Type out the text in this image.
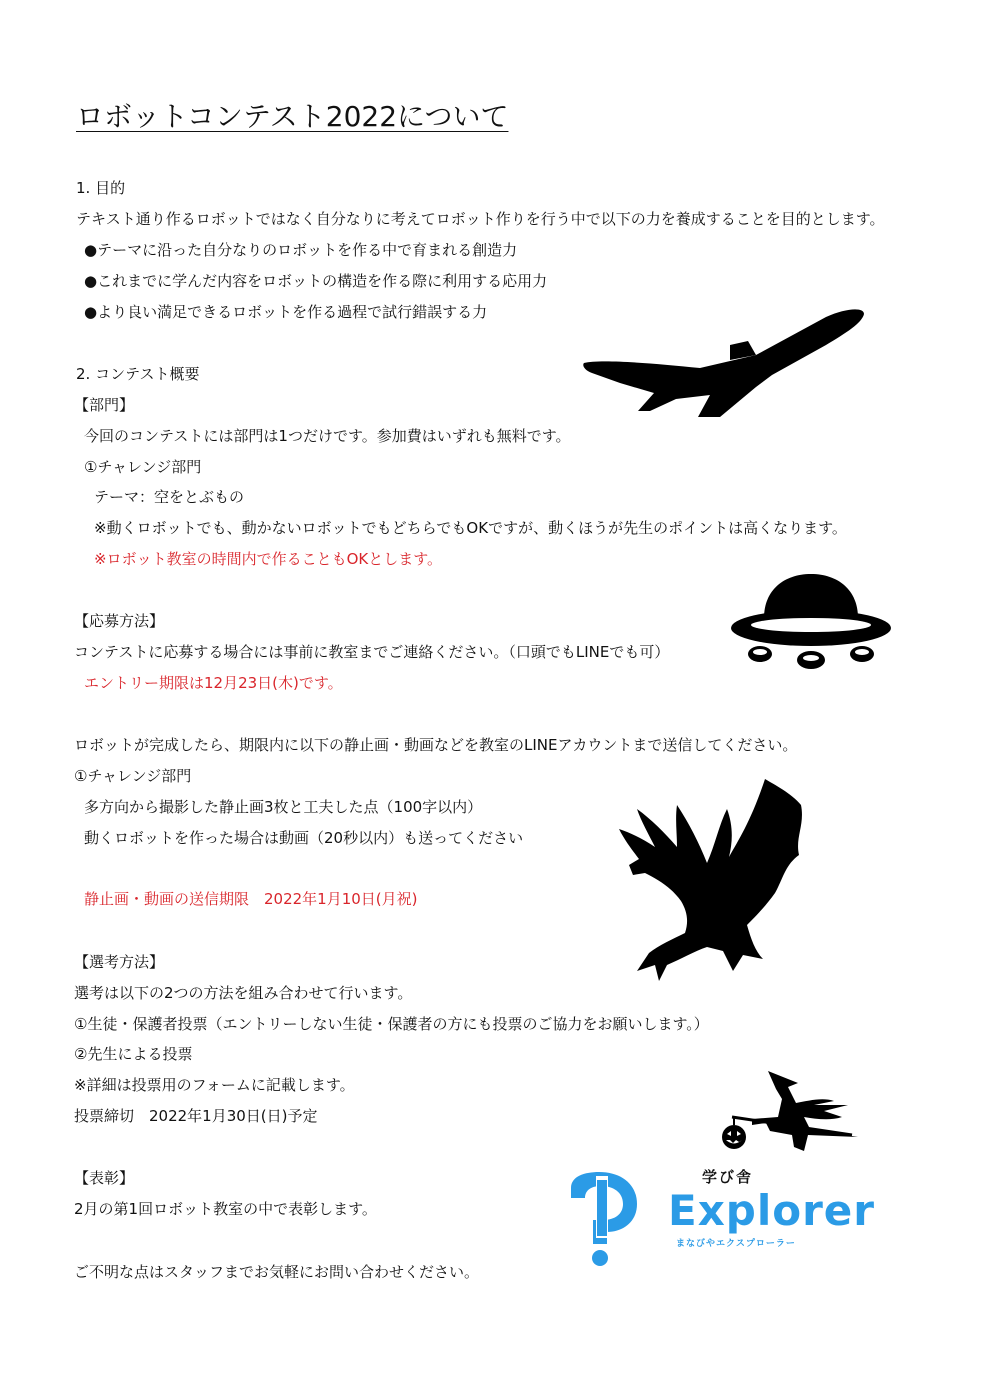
ロボットコンテスト2022について

1. 目的

テキスト通り作るロボットではなく自分なりに考えてロボット作りを行う中で以下の力を養成することを目的とします。

●テーマに沿った自分なりのロボットを作る中で育まれる創造力

●これまでに学んだ内容をロボットの構造を作る際に利用する応用力

●より良い満足できるロボットを作る過程で試行錯誤する力

2. コンテスト概要

【部門】

今回のコンテストには部門は1つだけです。参加費はいずれも無料です。

①チャレンジ部門

テーマ：空をとぶもの

※動くロボットでも、動かないロボットでもどちらでもOKですが、動くほうが先生のポイントは高くなります。

※ロボット教室の時間内で作ることもOKとします。

【応募方法】

コンテストに応募する場合には事前に教室までご連絡ください。（口頭でもLINEでも可）

エントリー期限は12月23日(木)です。

ロボットが完成したら、期限内に以下の静止画・動画などを教室のLINEアカウントまで送信してください。

①チャレンジ部門

多方向から撮影した静止画3枚と工夫した点（100字以内）

動くロボットを作った場合は動画（20秒以内）も送ってください

静止画・動画の送信期限　2022年1月10日(月祝)

【選考方法】

選考は以下の2つの方法を組み合わせて行います。

①生徒・保護者投票（エントリーしない生徒・保護者の方にも投票のご協力をお願いします。）

②先生による投票

※詳細は投票用のフォームに記載します。

投票締切　2022年1月30日(日)予定

【表彰】

2月の第1回ロボット教室の中で表彰します。

ご不明な点はスタッフまでお気軽にお問い合わせください。

学び舎
Explorer
まなびやエクスプローラー
